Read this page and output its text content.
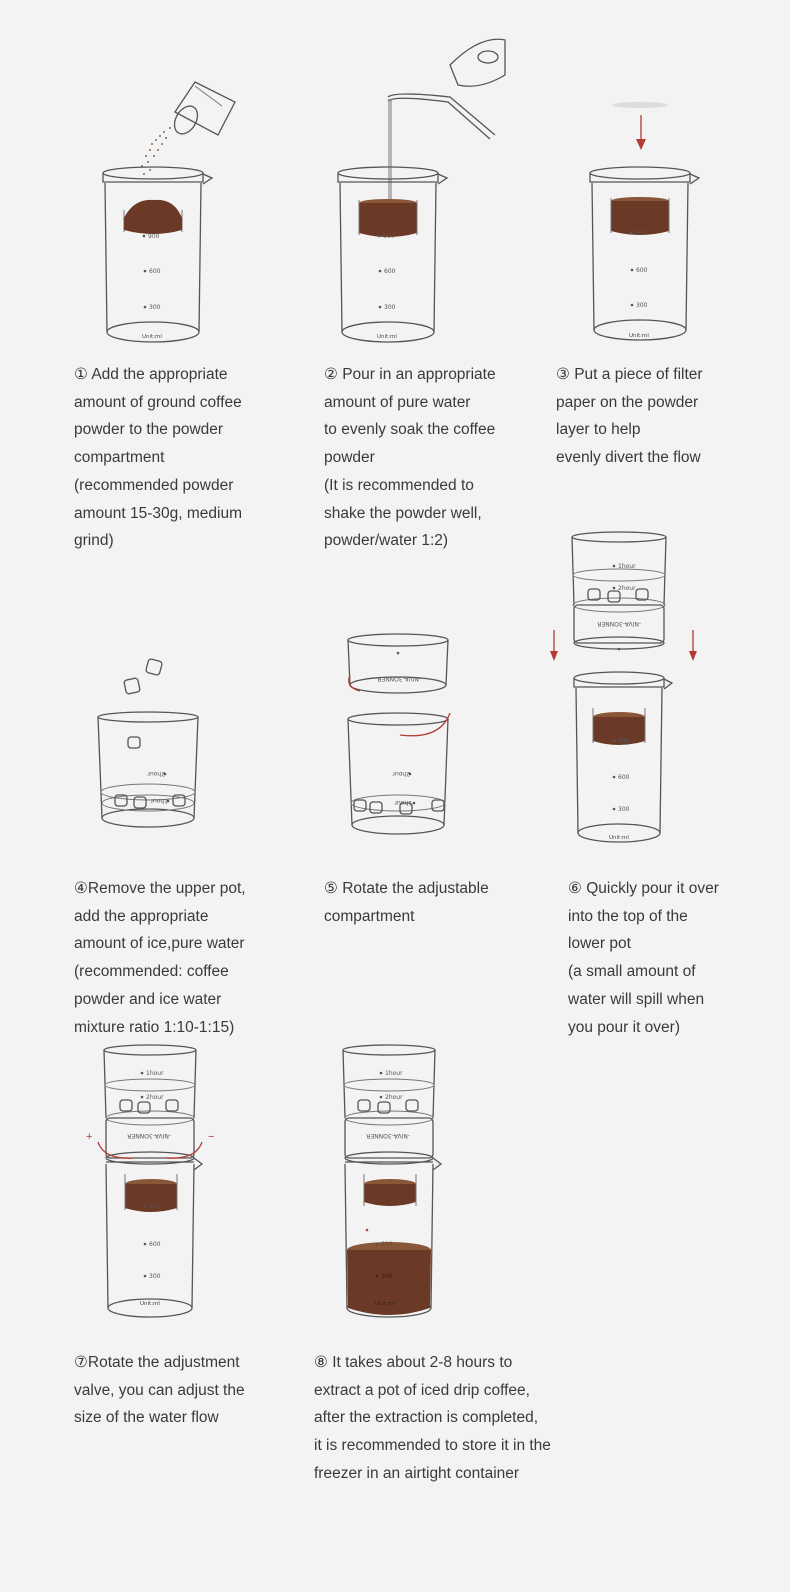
900
600
300
Unit:ml
900
600
300
Unit:ml
900
600
300
Unit:ml
2hour
1hour
-NIVA-3ONNER
2hour
1hour
1hour
2hour
-NIVA-3ONNER
900
600
300
Unit:ml
1hour
2hour
-NIVA-3ONNER
+	−
900
600
300
Unit:ml
1hour
2hour
-NIVA-3ONNER
600
300
Unit:ml
① Add the appropriate
amount of ground coffee
powder to the powder
compartment
(recommended powder
amount 15-30g, medium
grind)
② Pour in an appropriate
amount of pure water
to evenly soak the coffee
powder
(It is recommended to
shake the powder well,
powder/water 1:2)
③ Put a piece of filter
paper on the powder
layer to help
evenly divert the flow
④Remove the upper pot,
add the appropriate
amount of ice,pure water
(recommended: coffee
powder and ice water
mixture ratio 1:10-1:15)
⑤ Rotate the adjustable
compartment
⑥ Quickly pour it over
into the top of the
lower pot
(a small amount of
water will spill when
you pour it over)
⑦Rotate the adjustment
valve, you can adjust the
size of the water flow
⑧ It takes about 2-8 hours to
extract a pot of iced drip coffee,
after the extraction is completed,
it is recommended to store it in the
freezer in an airtight container
